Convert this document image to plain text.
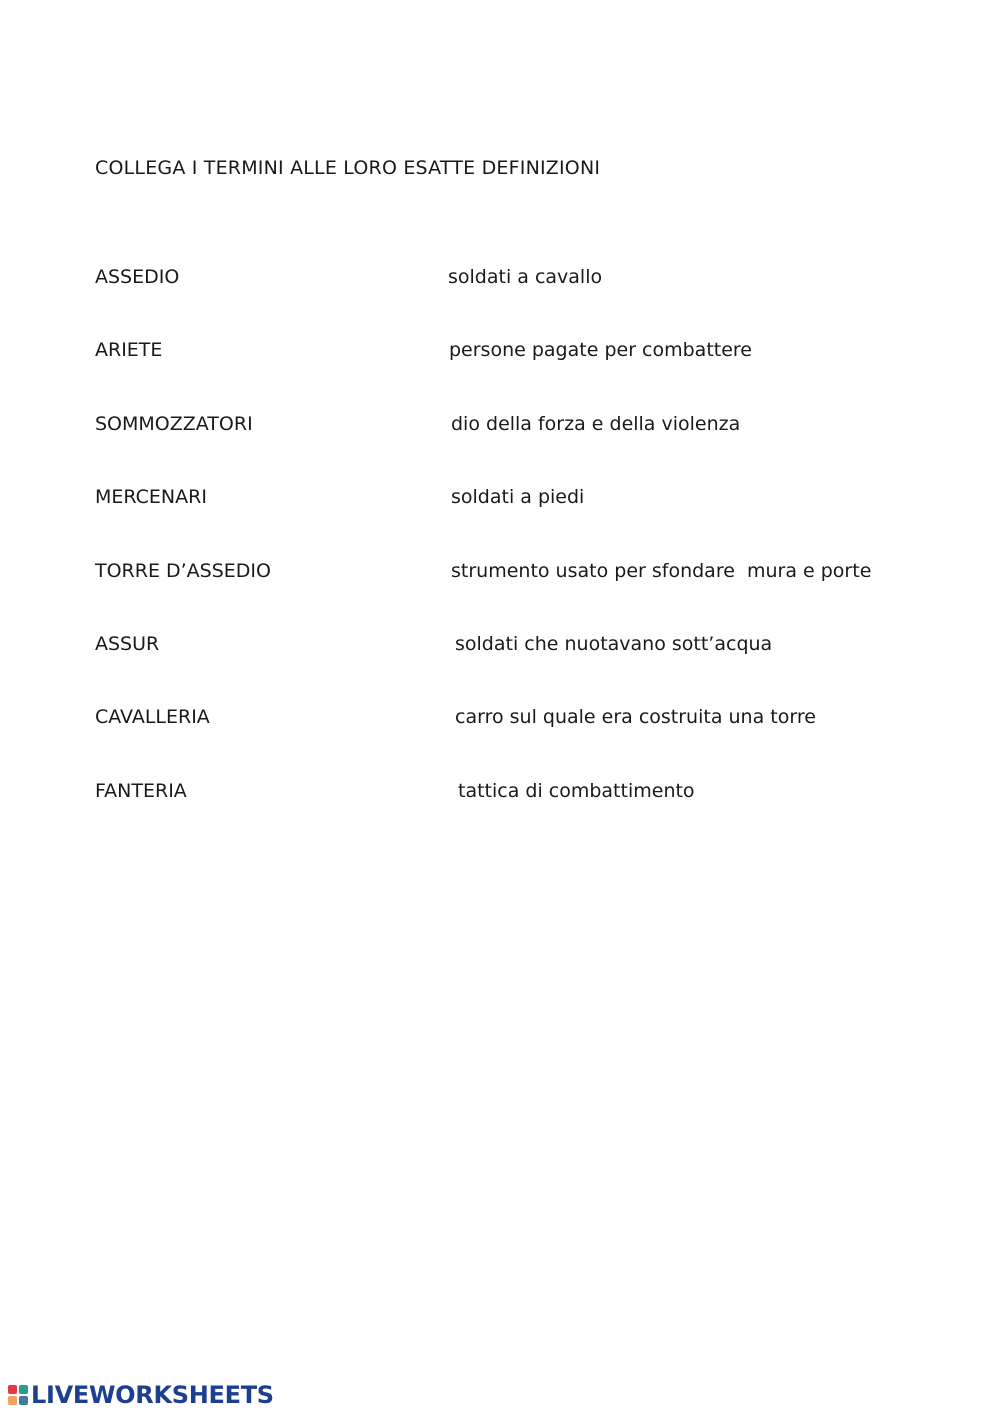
COLLEGA I TERMINI ALLE LORO ESATTE DEFINIZIONI
ASSEDIO	soldati a cavallo
ARIETE	persone pagate per combattere
SOMMOZZATORI	dio della forza e della violenza
MERCENARI	soldati a piedi
TORRE D’ASSEDIO	strumento usato per sfondare  mura e porte
ASSUR	soldati che nuotavano sott’acqua
CAVALLERIA	carro sul quale era costruita una torre
FANTERIA	tattica di combattimento
LIVEWORKSHEETS
